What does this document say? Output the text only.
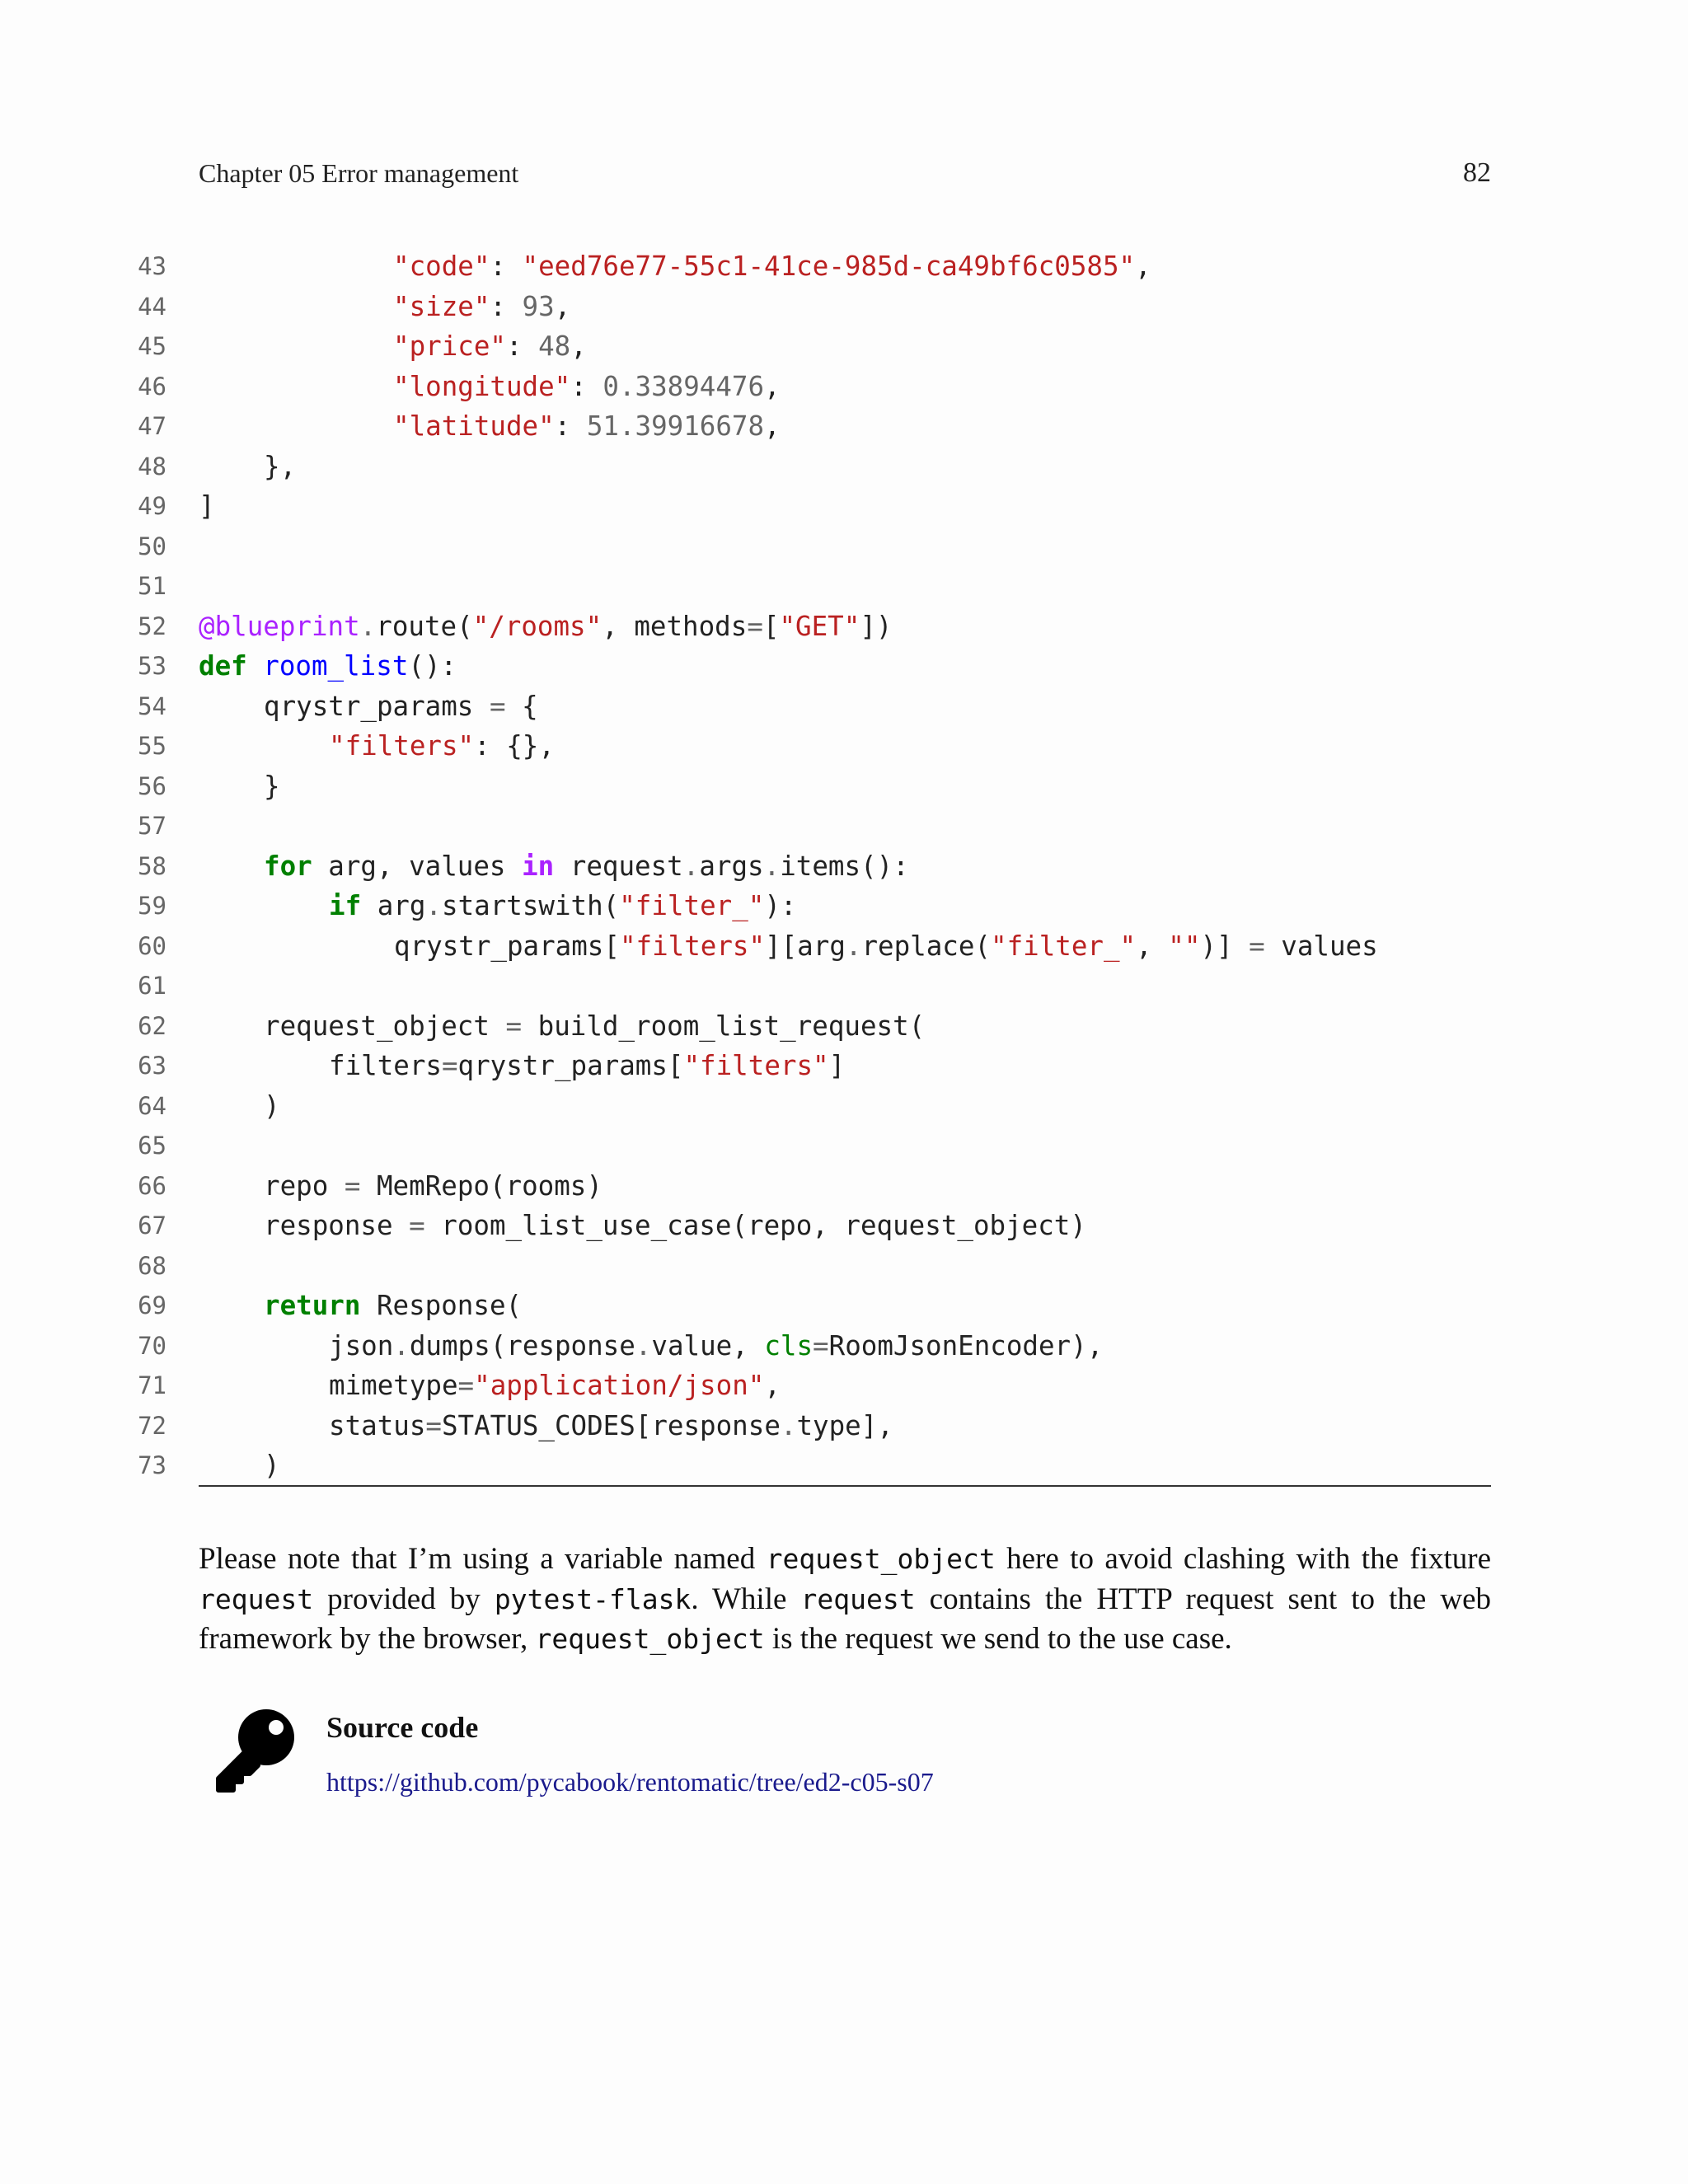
Chapter 05 Error management	82
43	"code": "eed76e77-55c1-41ce-985d-ca49bf6c0585",
44	"size": 93,
45	"price": 48,
46	"longitude": 0.33894476,
47	"latitude": 51.39916678,
48	},
49 ]
50
51
52 @blueprint.route("/rooms", methods=["GET"])
53 def room_list():
54	qrystr_params = {
55	"filters": {},
56	}
57
58	for arg, values in request.args.items():
59	if arg.startswith("filter_"):
60	qrystr_params["filters"][arg.replace("filter_", "")] = values
61
62	request_object = build_room_list_request(
63	filters=qrystr_params["filters"]
64	)
65
66	repo = MemRepo(rooms)
67	response = room_list_use_case(repo, request_object)
68
69	return Response(
70	json.dumps(response.value, cls=RoomJsonEncoder),
71	mimetype="application/json",
72	status=STATUS_CODES[response.type],
73	)

Please note that I’m using a variable named request_object here to avoid clashing with the fixture request provided by pytest-flask. While request contains the HTTP request sent to the web framework by the browser, request_object is the request we send to the use case.

Source code
https://github.com/pycabook/rentomatic/tree/ed2-c05-s07
